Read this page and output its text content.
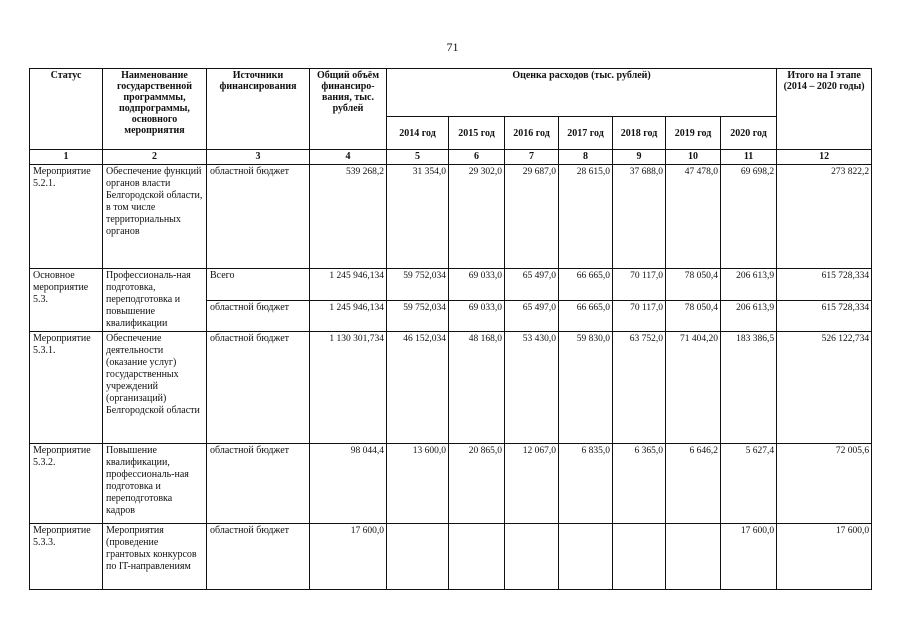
71
Статус	Наименование государственной программмы, подпрограммы, основного мероприятия	Источники финансирования	Общий объём финансиро-вания, тыс. рублей	Оценка расходов (тыс. рублей)							Итого на I этапе (2014 – 2020 годы)
				2014 год	2015 год	2016 год	2017 год	2018 год	2019 год	2020 год	
1	2	3	4	5	6	7	8	9	10	11	12
Мероприятие 5.2.1.	Обеспечение функций органов власти Белгородской области, в том числе территориальных органов	областной бюджет	539 268,2	31 354,0	29 302,0	29 687,0	28 615,0	37 688,0	47 478,0	69 698,2	273 822,2
Основное мероприятие 5.3.	Профессиональ-ная подготовка, переподготовка и повышение квалификации	Всего	1 245 946,134	59 752,034	69 033,0	65 497,0	66 665,0	70 117,0	78 050,4	206 613,9	615 728,334
		областной бюджет	1 245 946,134	59 752,034	69 033,0	65 497,0	66 665,0	70 117,0	78 050,4	206 613,9	615 728,334
Мероприятие 5.3.1.	Обеспечение деятельности (оказание услуг) государственных учреждений (организаций) Белгородской области	областной бюджет	1 130 301,734	46 152,034	48 168,0	53 430,0	59 830,0	63 752,0	71 404,20	183 386,5	526 122,734
Мероприятие 5.3.2.	Повышение квалификации, профессиональ-ная подготовка и переподготовка кадров	областной бюджет	98 044,4	13 600,0	20 865,0	12 067,0	6 835,0	6 365,0	6 646,2	5 627,4	72 005,6
Мероприятие 5.3.3.	Мероприятия (проведение грантовых конкурсов по IT-направлениям	областной бюджет	17 600,0							17 600,0	17 600,0
